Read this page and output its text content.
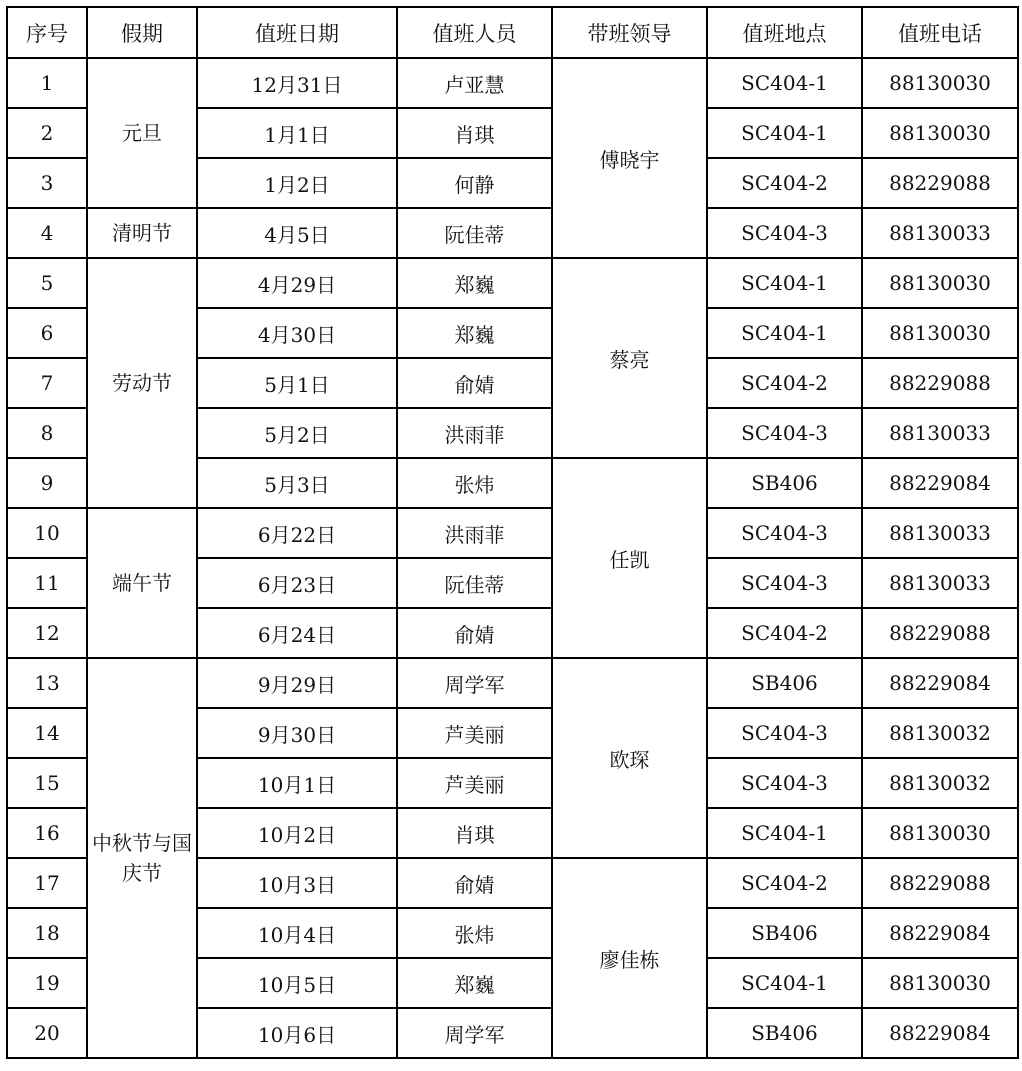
序号	假期	值班日期	值班人员	带班领导	值班地点	值班电话
1	元旦	12月31日	卢亚慧	傅晓宇	SC404-1	88130030
2		1月1日	肖琪		SC404-1	88130030
3		1月2日	何静		SC404-2	88229088
4	清明节	4月5日	阮佳蒂		SC404-3	88130033
5	劳动节	4月29日	郑巍	蔡亮	SC404-1	88130030
6		4月30日	郑巍		SC404-1	88130030
7		5月1日	俞婧		SC404-2	88229088
8		5月2日	洪雨菲		SC404-3	88130033
9		5月3日	张炜	任凯	SB406	88229084
10	端午节	6月22日	洪雨菲		SC404-3	88130033
11		6月23日	阮佳蒂		SC404-3	88130033
12		6月24日	俞婧		SC404-2	88229088
13	中秋节与国庆节	9月29日	周学军	欧琛	SB406	88229084
14		9月30日	芦美丽		SC404-3	88130032
15		10月1日	芦美丽		SC404-3	88130032
16		10月2日	肖琪		SC404-1	88130030
17		10月3日	俞婧	廖佳栋	SC404-2	88229088
18		10月4日	张炜		SB406	88229084
19		10月5日	郑巍		SC404-1	88130030
20		10月6日	周学军		SB406	88229084
